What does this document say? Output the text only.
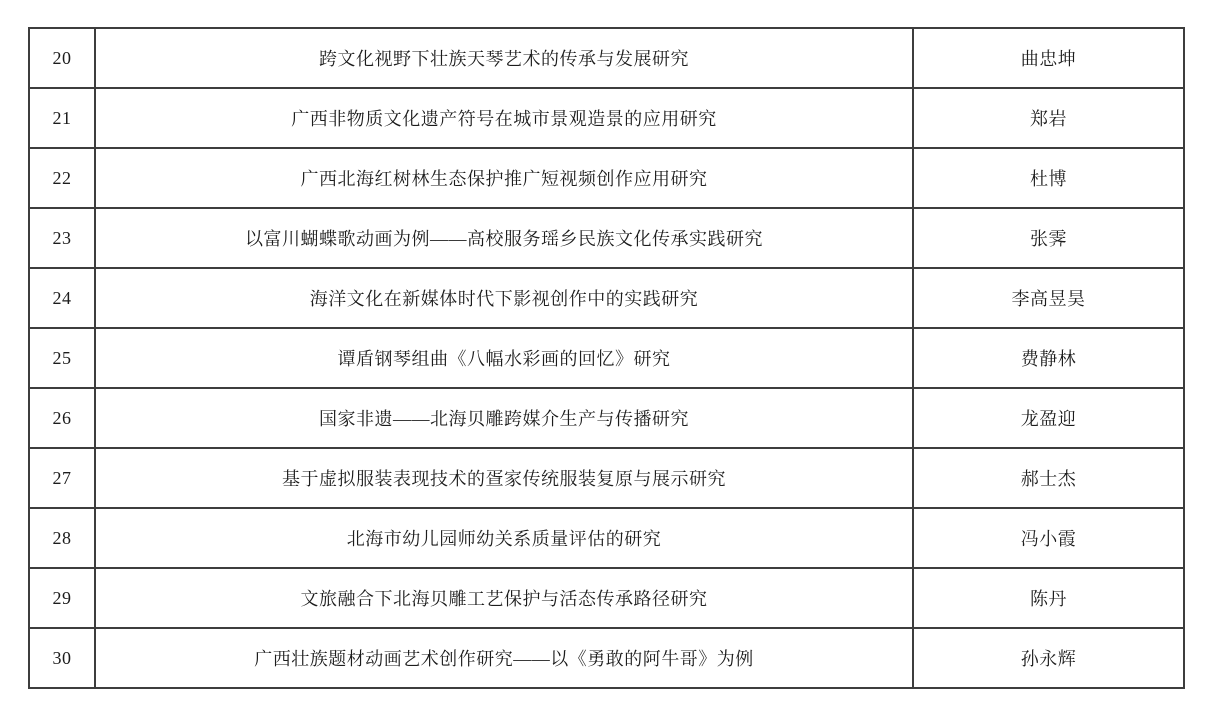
20	跨文化视野下壮族天琴艺术的传承与发展研究	曲忠坤
21	广西非物质文化遗产符号在城市景观造景的应用研究	郑岩
22	广西北海红树林生态保护推广短视频创作应用研究	杜博
23	以富川蝴蝶歌动画为例——高校服务瑶乡民族文化传承实践研究	张霁
24	海洋文化在新媒体时代下影视创作中的实践研究	李高昱昊
25	谭盾钢琴组曲《八幅水彩画的回忆》研究	费静林
26	国家非遗——北海贝雕跨媒介生产与传播研究	龙盈迎
27	基于虚拟服装表现技术的疍家传统服装复原与展示研究	郝士杰
28	北海市幼儿园师幼关系质量评估的研究	冯小霞
29	文旅融合下北海贝雕工艺保护与活态传承路径研究	陈丹
30	广西壮族题材动画艺术创作研究——以《勇敢的阿牛哥》为例	孙永辉
